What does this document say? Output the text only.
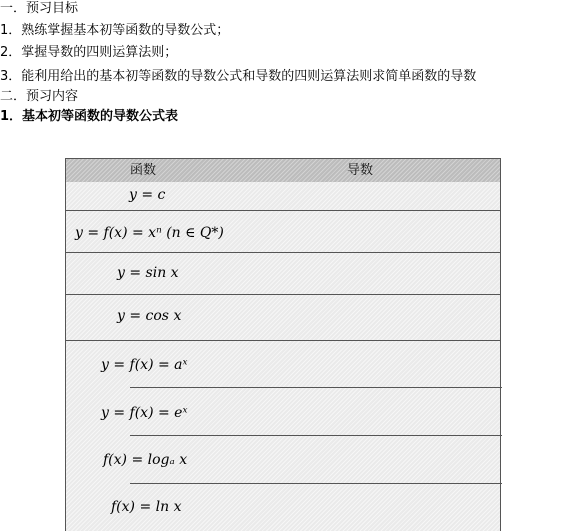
一．预习目标
1．熟练掌握基本初等函数的导数公式；
2．掌握导数的四则运算法则；
3．能利用给出的基本初等函数的导数公式和导数的四则运算法则求简单函数的导数
二．预习内容
1．基本初等函数的导数公式表
函数	导数
y = c
y = f(x) = xⁿ (n ∈ Q*)
y = sin x
y = cos x
y = f(x) = aˣ
y = f(x) = eˣ
f(x) = logₐ x
f(x) = ln x
